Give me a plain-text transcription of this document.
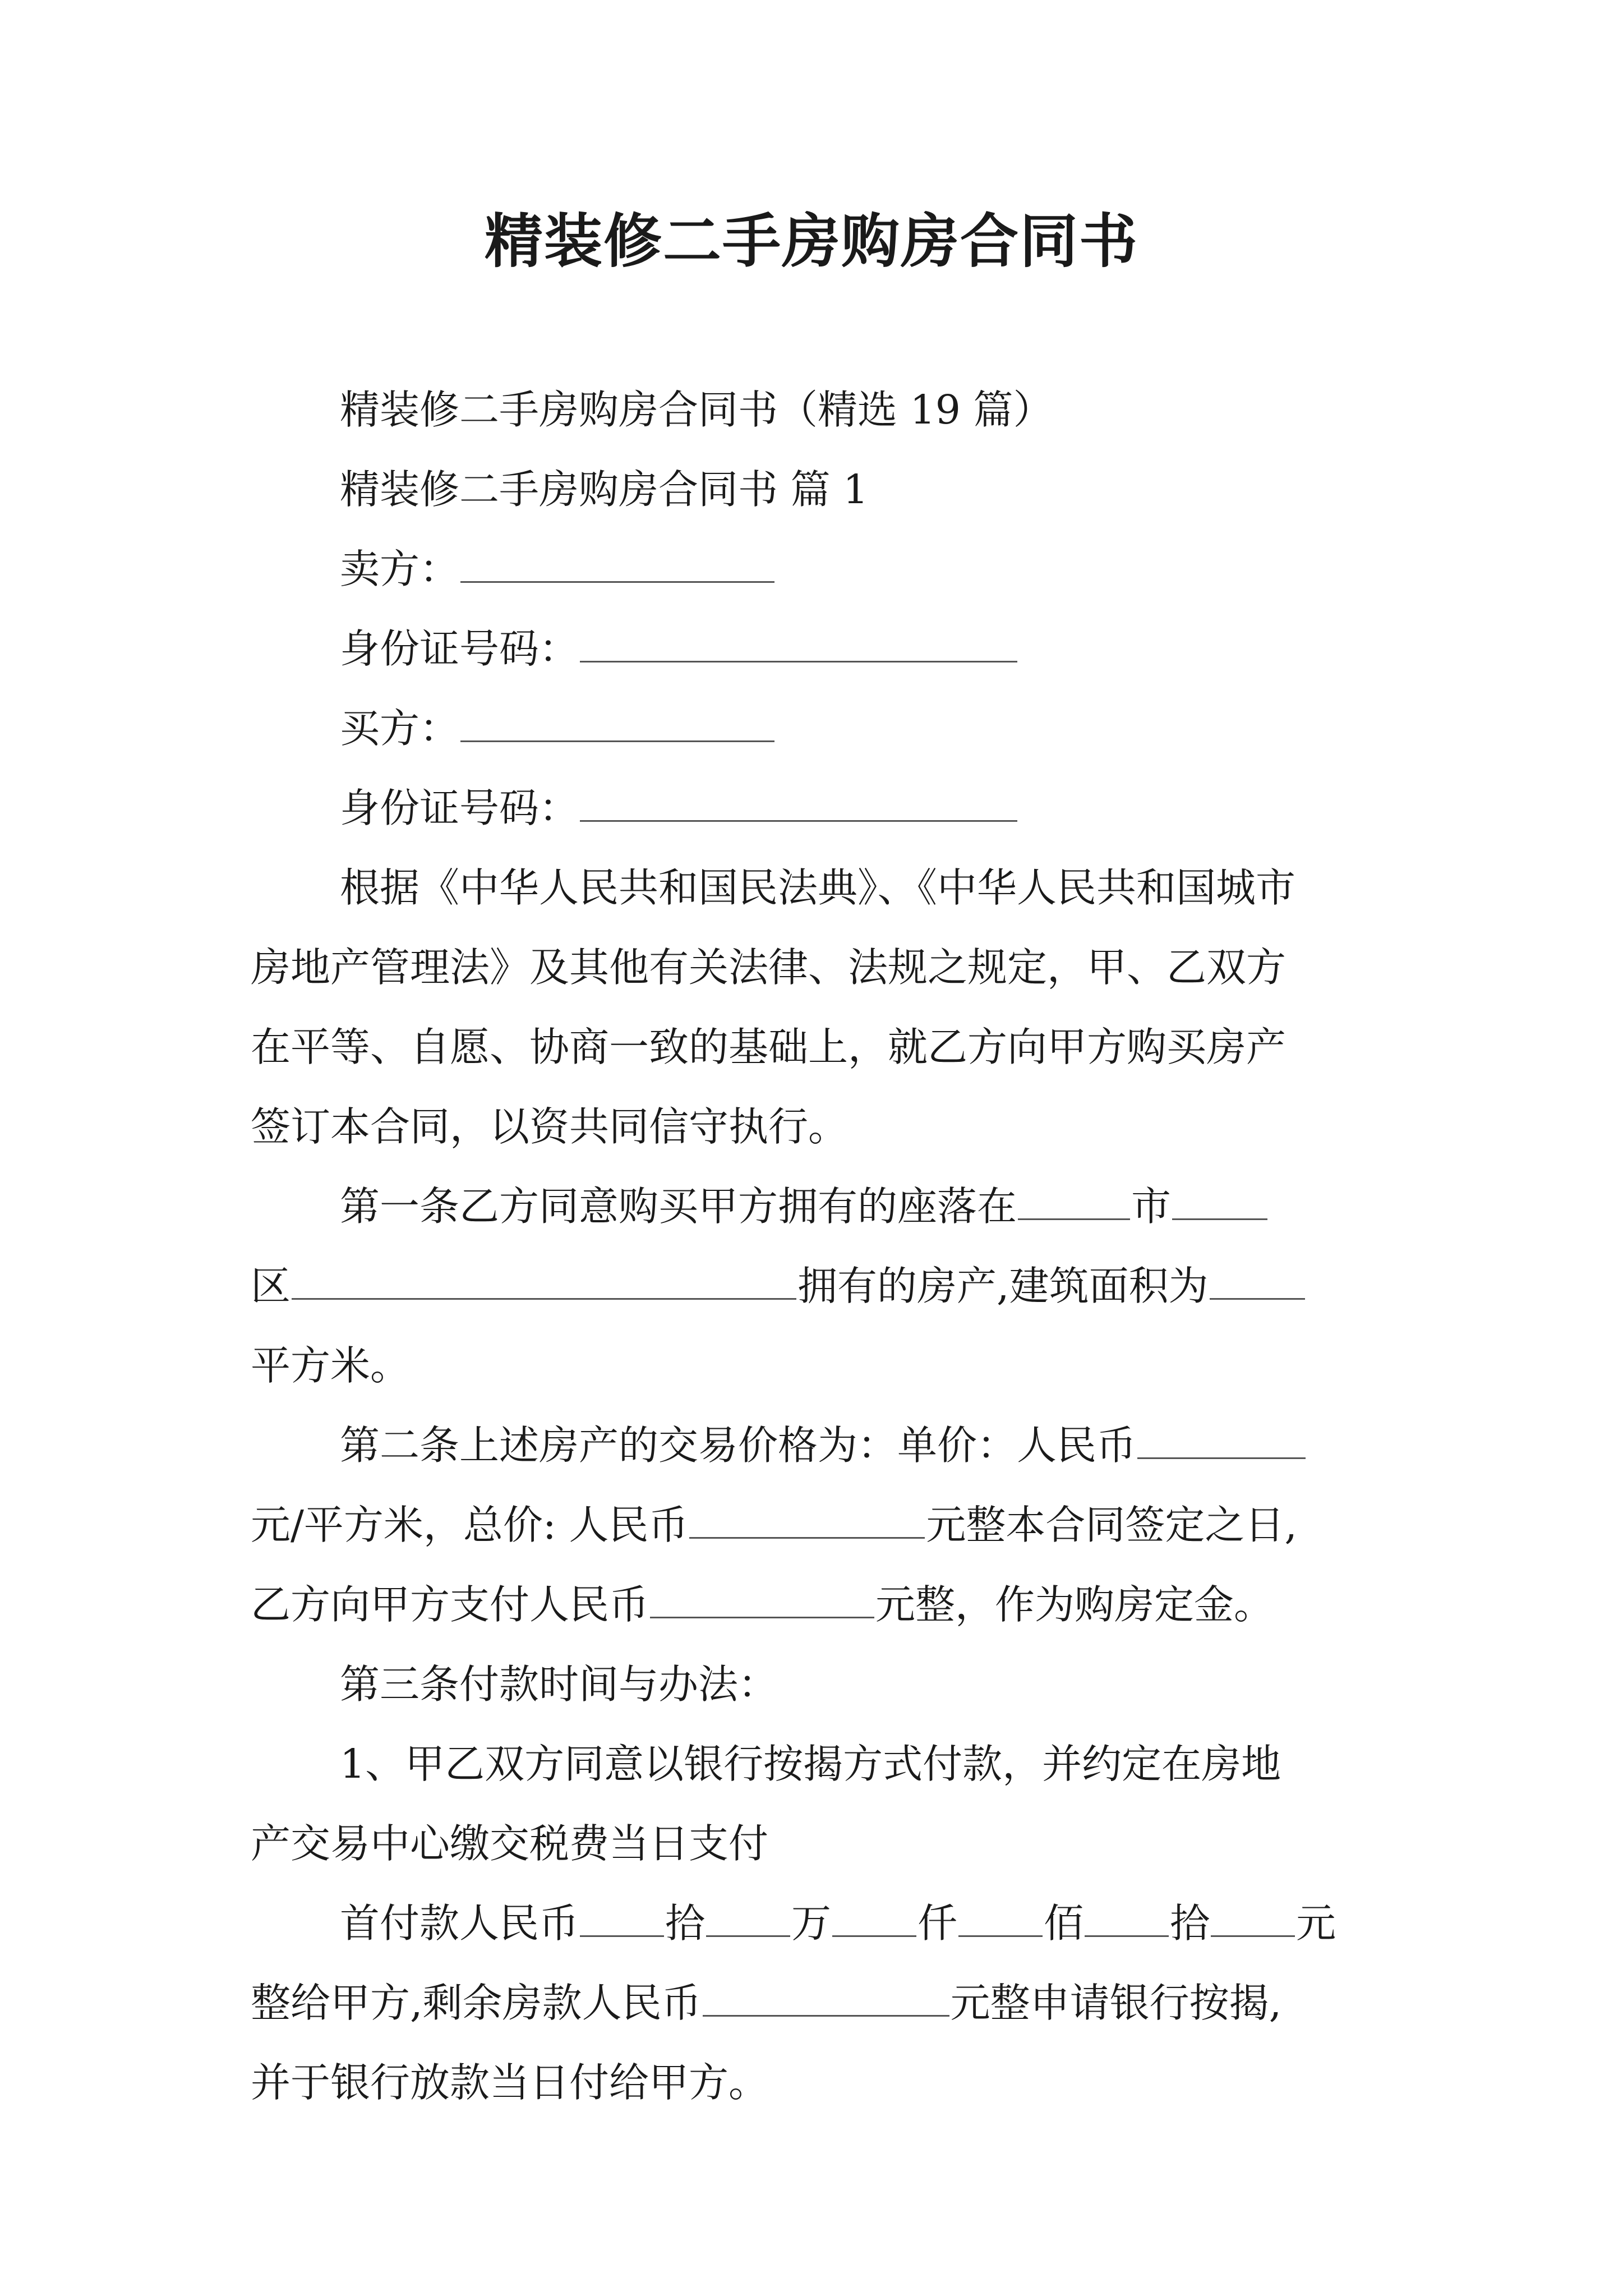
精装修二手房购房合同书
精装修二手房购房合同书（精选 19 篇）
精装修二手房购房合同书 篇 1
卖方：
身份证号码：
买方：
身份证号码：
根据《中华人民共和国民法典》、《中华人民共和国城市
房地产管理法》及其他有关法律、法规之规定，甲、乙双方
在平等、自愿、协商一致的基础上，就乙方向甲方购买房产
签订本合同，以资共同信守执行。
第一条乙方同意购买甲方拥有的座落在	市
区	拥有的房产,建筑面积为
平方米。
第二条上述房产的交易价格为：单价：人民币
元/平方米，总价: 人民币	元整本合同签定之日,
乙方向甲方支付人民币	元整，作为购房定金。
第三条付款时间与办法：
1、甲乙双方同意以银行按揭方式付款，并约定在房地
产交易中心缴交税费当日支付
首付款人民币 拾 万 仟 佰 拾 元
整给甲方,剩余房款人民币	元整申请银行按揭,
并于银行放款当日付给甲方。
